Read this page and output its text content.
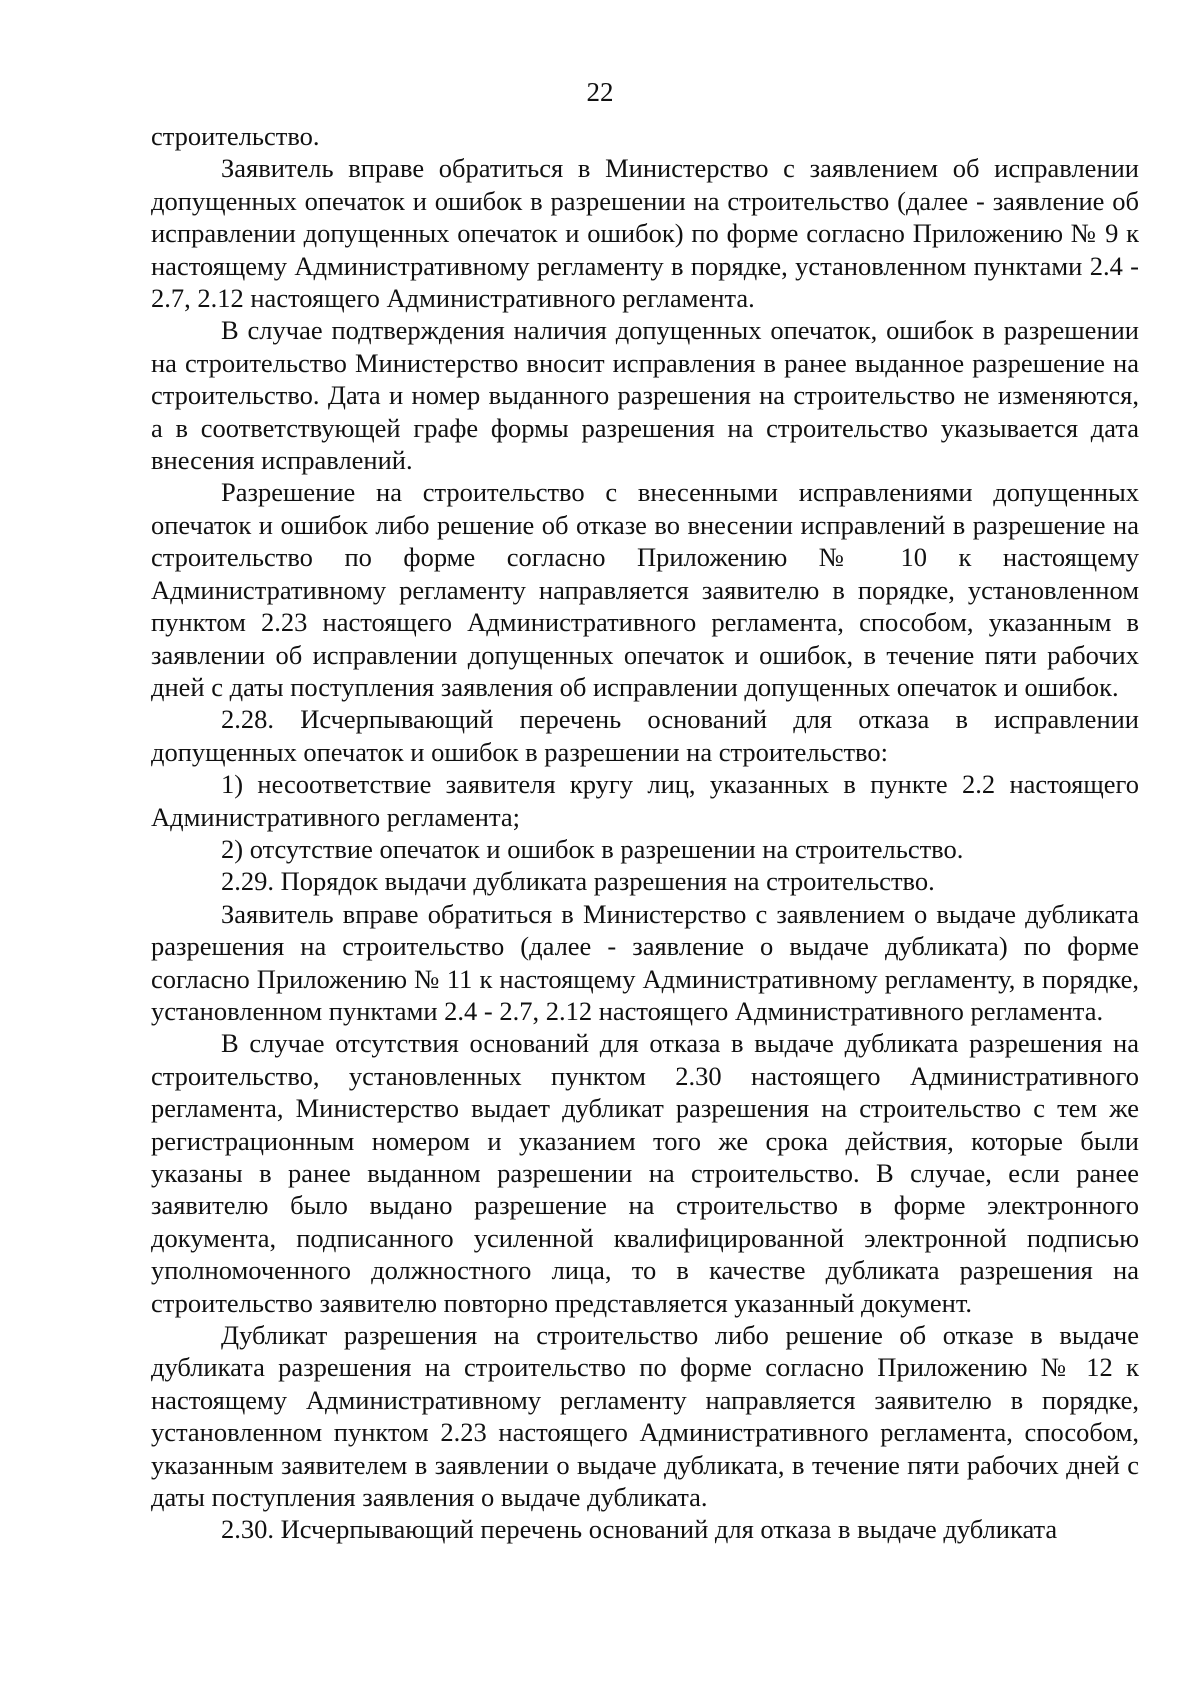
22

строительство.

Заявитель вправе обратиться в Министерство с заявлением об исправлении допущенных опечаток и ошибок в разрешении на строительство (далее - заявление об исправлении допущенных опечаток и ошибок) по форме согласно Приложению № 9 к настоящему Административному регламенту в порядке, установленном пунктами 2.4 - 2.7, 2.12 настоящего Административного регламента.

В случае подтверждения наличия допущенных опечаток, ошибок в разрешении на строительство Министерство вносит исправления в ранее выданное разрешение на строительство. Дата и номер выданного разрешения на строительство не изменяются, а в соответствующей графе формы разрешения на строительство указывается дата внесения исправлений.

Разрешение на строительство с внесенными исправлениями допущенных опечаток и ошибок либо решение об отказе во внесении исправлений в разрешение на строительство по форме согласно Приложению № 10 к настоящему Административному регламенту направляется заявителю в порядке, установленном пунктом 2.23 настоящего Административного регламента, способом, указанным в заявлении об исправлении допущенных опечаток и ошибок, в течение пяти рабочих дней с даты поступления заявления об исправлении допущенных опечаток и ошибок.

2.28. Исчерпывающий перечень оснований для отказа в исправлении допущенных опечаток и ошибок в разрешении на строительство:

1) несоответствие заявителя кругу лиц, указанных в пункте 2.2 настоящего Административного регламента;

2) отсутствие опечаток и ошибок в разрешении на строительство.

2.29. Порядок выдачи дубликата разрешения на строительство.

Заявитель вправе обратиться в Министерство с заявлением о выдаче дубликата разрешения на строительство (далее - заявление о выдаче дубликата) по форме согласно Приложению № 11 к настоящему Административному регламенту, в порядке, установленном пунктами 2.4 - 2.7, 2.12 настоящего Административного регламента.

В случае отсутствия оснований для отказа в выдаче дубликата разрешения на строительство, установленных пунктом 2.30 настоящего Административного регламента, Министерство выдает дубликат разрешения на строительство с тем же регистрационным номером и указанием того же срока действия, которые были указаны в ранее выданном разрешении на строительство. В случае, если ранее заявителю было выдано разрешение на строительство в форме электронного документа, подписанного усиленной квалифицированной электронной подписью уполномоченного должностного лица, то в качестве дубликата разрешения на строительство заявителю повторно представляется указанный документ.

Дубликат разрешения на строительство либо решение об отказе в выдаче дубликата разрешения на строительство по форме согласно Приложению № 12 к настоящему Административному регламенту направляется заявителю в порядке, установленном пунктом 2.23 настоящего Административного регламента, способом, указанным заявителем в заявлении о выдаче дубликата, в течение пяти рабочих дней с даты поступления заявления о выдаче дубликата.

2.30. Исчерпывающий перечень оснований для отказа в выдаче дубликата
